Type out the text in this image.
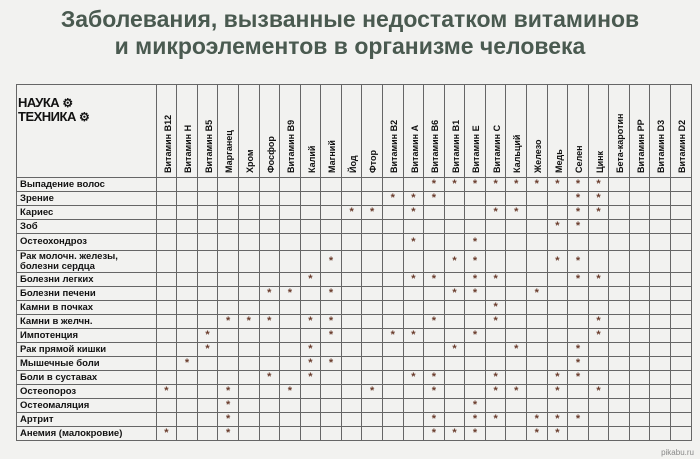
Заболевания, вызванные недостатком витаминов
и микроэлементов в организме человека

	Витамин B12	Витамин H	Витамин B5	Марганец	Хром	Фосфор	Витамин B9	Калий	Магний	Йод	Фтор	Витамин B2	Витамин A	Витамин B6	Витамин B1	Витамин E	Витамин C	Кальций	Железо	Медь	Селен	Цинк	Бета-каротин	Витамин PP	Витамин D3	Витамин D2

Выпадение волос														*	*	*	*	*	*	*	*	*				
Зрение												*	*	*							*	*				
Кариес										*	*		*				*	*			*	*				
Зоб																				*	*					
Остеохондроз													*			*										
Рак молочн. железы, болезни сердца									*						*	*				*	*					
Болезни легких								*					*	*		*	*				*	*				
Болезни печени						*	*		*						*	*			*							
Камни в почках																	*									
Камни в желчн.				*	*	*		*	*					*			*					*				
Импотенция			*						*			*	*			*						*				
Рак прямой кишки			*					*							*			*			*					
Мышечные боли		*						*	*												*					
Боли в суставах						*		*					*	*			*			*	*					
Остеопороз	*			*			*				*			*			*	*		*		*				
Остеомаляция				*												*										
Артрит				*										*		*	*		*	*	*					
Анемия (малокровие)	*			*										*	*	*			*	*						
НАУКА ⚙
ТЕХНИКА ⚙
pikabu.ru
